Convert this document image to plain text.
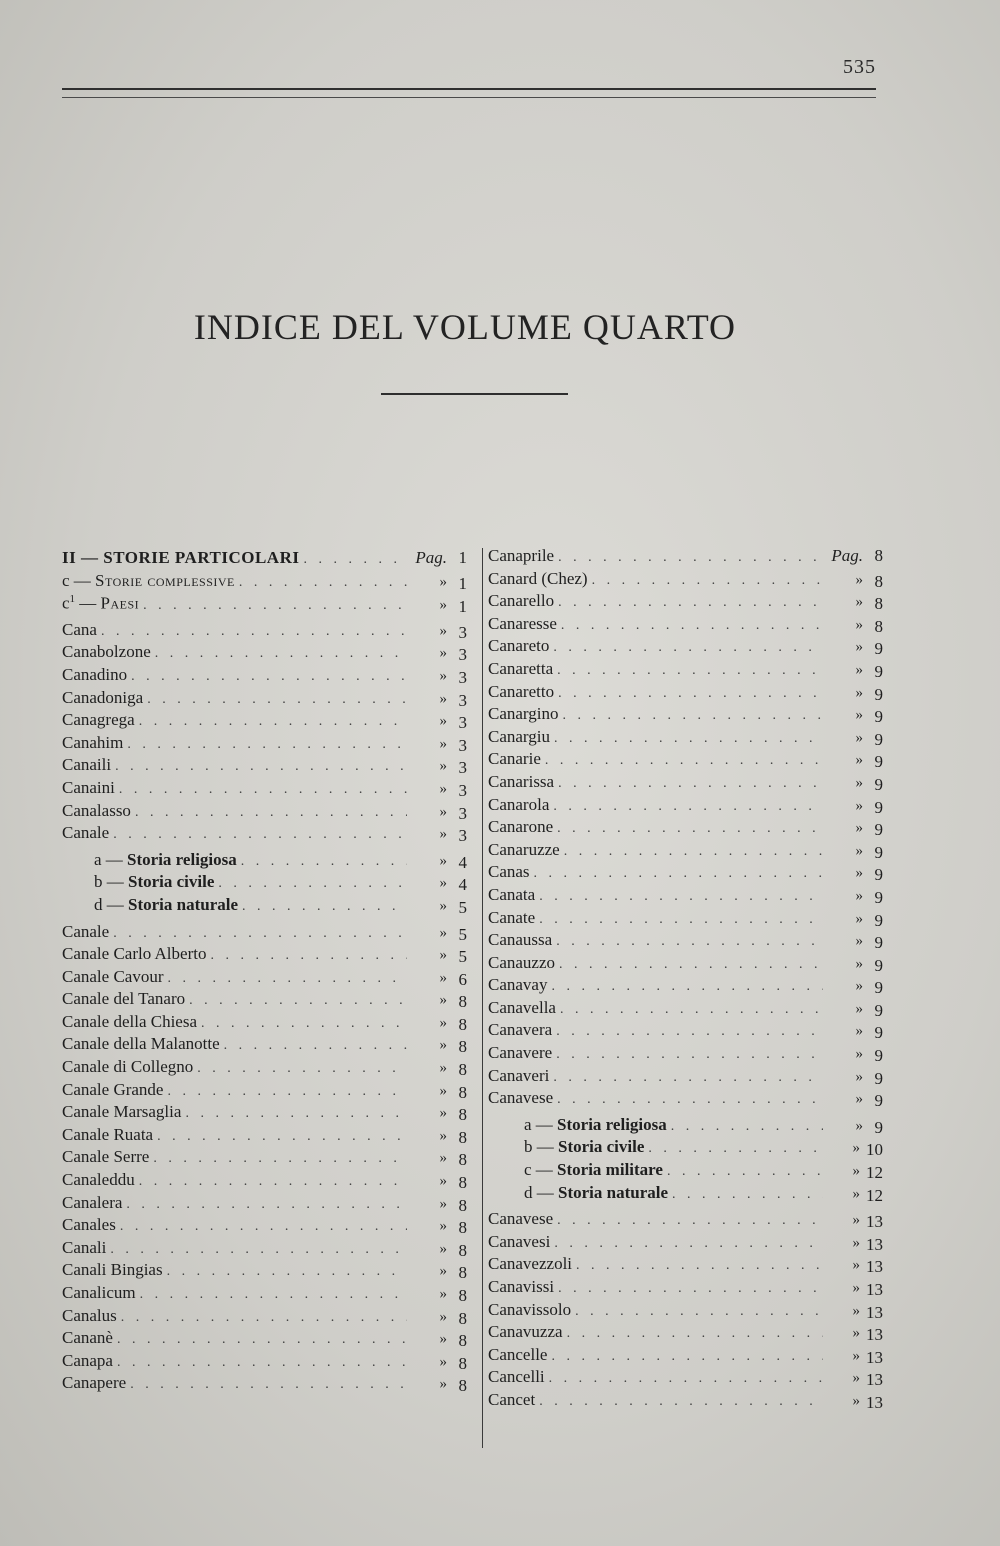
535
INDICE DEL VOLUME QUARTO
II — STORIE PARTICOLARI . . .	Pag. 1
c — Storie complessive . . .	» 1
$c^1$ — Paesi . . .	» 1
Cana . . .	» 3
Canabolzone . . .	» 3
Canadino . . .	» 3
Canadoniga . . .	» 3
Canagrega . . .	» 3
Canahim . . .	» 3
Canaili . . .	» 3
Canaini . . .	» 3
Canalasso . . .	» 3
Canale . . .	» 3
a — Storia religiosa . . .	» 4
b — Storia civile . . .	» 4
d — Storia naturale . . .	» 5
Canale . . .	» 5
Canale Carlo Alberto . . .	» 5
Canale Cavour . . .	» 6
Canale del Tanaro . . .	» 8
Canale della Chiesa . . .	» 8
Canale della Malanotte . . .	» 8
Canale di Collegno . . .	» 8
Canale Grande . . .	» 8
Canale Marsaglia . . .	» 8
Canale Ruata . . .	» 8
Canale Serre . . .	» 8
Canaleddu . . .	» 8
Canalera . . .	» 8
Canales . . .	» 8
Canali . . .	» 8
Canali Bingias . . .	» 8
Canalicum . . .	» 8
Canalus . . .	» 8
Cananè . . .	» 8
Canapa . . .	» 8
Canapere . . .	» 8
Canaprile . . .	Pag. 8
Canard (Chez) . . .	» 8
Canarello . . .	» 8
Canaresse . . .	» 8
Canareto . . .	» 9
Canaretta . . .	» 9
Canaretto . . .	» 9
Canargino . . .	» 9
Canargiu . . .	» 9
Canarie . . .	» 9
Canarissa . . .	» 9
Canarola . . .	» 9
Canarone . . .	» 9
Canaruzze . . .	» 9
Canas . . .	» 9
Canata . . .	» 9
Canate . . .	» 9
Canaussa . . .	» 9
Canauzzo . . .	» 9
Canavay . . .	» 9
Canavella . . .	» 9
Canavera . . .	» 9
Canavere . . .	» 9
Canaveri . . .	» 9
Canavese . . .	» 9
a — Storia religiosa . . .	» 9
b — Storia civile . . .	» 10
c — Storia militare . . .	» 12
d — Storia naturale . . .	» 12
Canavese . . .	» 13
Canavesi . . .	» 13
Canavezzoli . . .	» 13
Canavissi . . .	» 13
Canavissolo . . .	» 13
Canavuzza . . .	» 13
Cancelle . . .	» 13
Cancelli . . .	» 13
Cancet . . .	» 13
